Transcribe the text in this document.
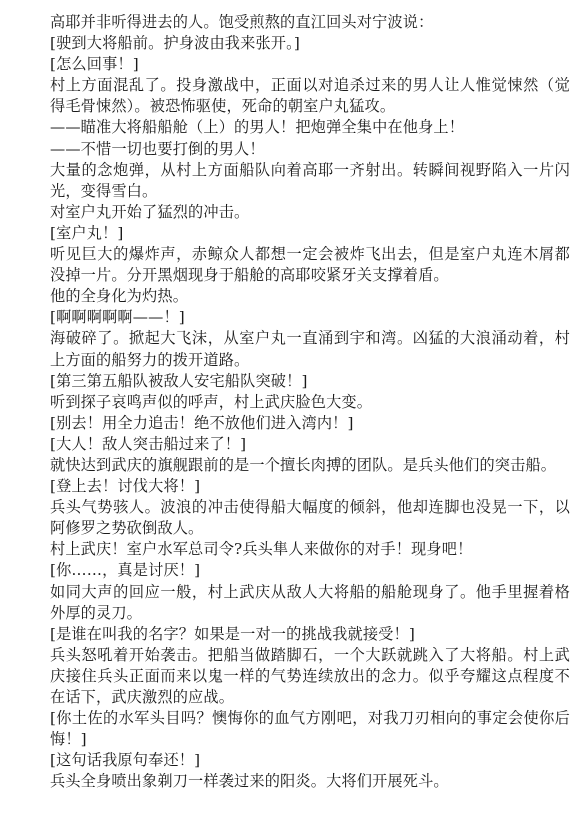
高耶并非听得进去的人。饱受煎熬的直江回头对宁波说：

[驶到大将船前。护身波由我来张开。]

[怎么回事！]

村上方面混乱了。投身激战中，正面以对追杀过来的男人让人惟觉悚然（觉得毛骨悚然）。被恐怖驱使，死命的朝室户丸猛攻。

——瞄准大将船船舱（上）的男人！把炮弹全集中在他身上！

——不惜一切也要打倒的男人！

大量的念炮弹，从村上方面船队向着高耶一齐射出。转瞬间视野陷入一片闪光，变得雪白。

对室户丸开始了猛烈的冲击。

[室户丸！]

听见巨大的爆炸声，赤鲸众人都想一定会被炸飞出去，但是室户丸连木屑都没掉一片。分开黑烟现身于船舱的高耶咬紧牙关支撑着盾。

他的全身化为灼热。

[啊啊啊啊啊——！]

海破碎了。掀起大飞沫，从室户丸一直涌到宇和湾。凶猛的大浪涌动着，村上方面的船努力的拨开道路。

[第三第五船队被敌人安宅船队突破！]

听到探子哀鸣声似的呼声，村上武庆脸色大变。

[别去！用全力追击！绝不放他们进入湾内！]

[大人！敌人突击船过来了！]

就快达到武庆的旗舰跟前的是一个擅长肉搏的团队。是兵头他们的突击船。

[登上去！讨伐大将！]

兵头气势骇人。波浪的冲击使得船大幅度的倾斜，他却连脚也没晃一下，以阿修罗之势砍倒敌人。

村上武庆！室户水军总司令?兵头隼人来做你的对手！现身吧！

[你……，真是讨厌！]

如同大声的回应一般，村上武庆从敌人大将船的船舱现身了。他手里握着格外厚的灵刀。

[是谁在叫我的名字？如果是一对一的挑战我就接受！]

兵头怒吼着开始袭击。把船当做踏脚石，一个大跃就跳入了大将船。村上武庆接住兵头正面而来以鬼一样的气势连续放出的念力。似乎夸耀这点程度不在话下，武庆激烈的应战。

[你土佐的水军头目吗？懊悔你的血气方刚吧，对我刀刃相向的事定会使你后悔！]

[这句话我原句奉还！]

兵头全身喷出象剃刀一样袭过来的阳炎。大将们开展死斗。
